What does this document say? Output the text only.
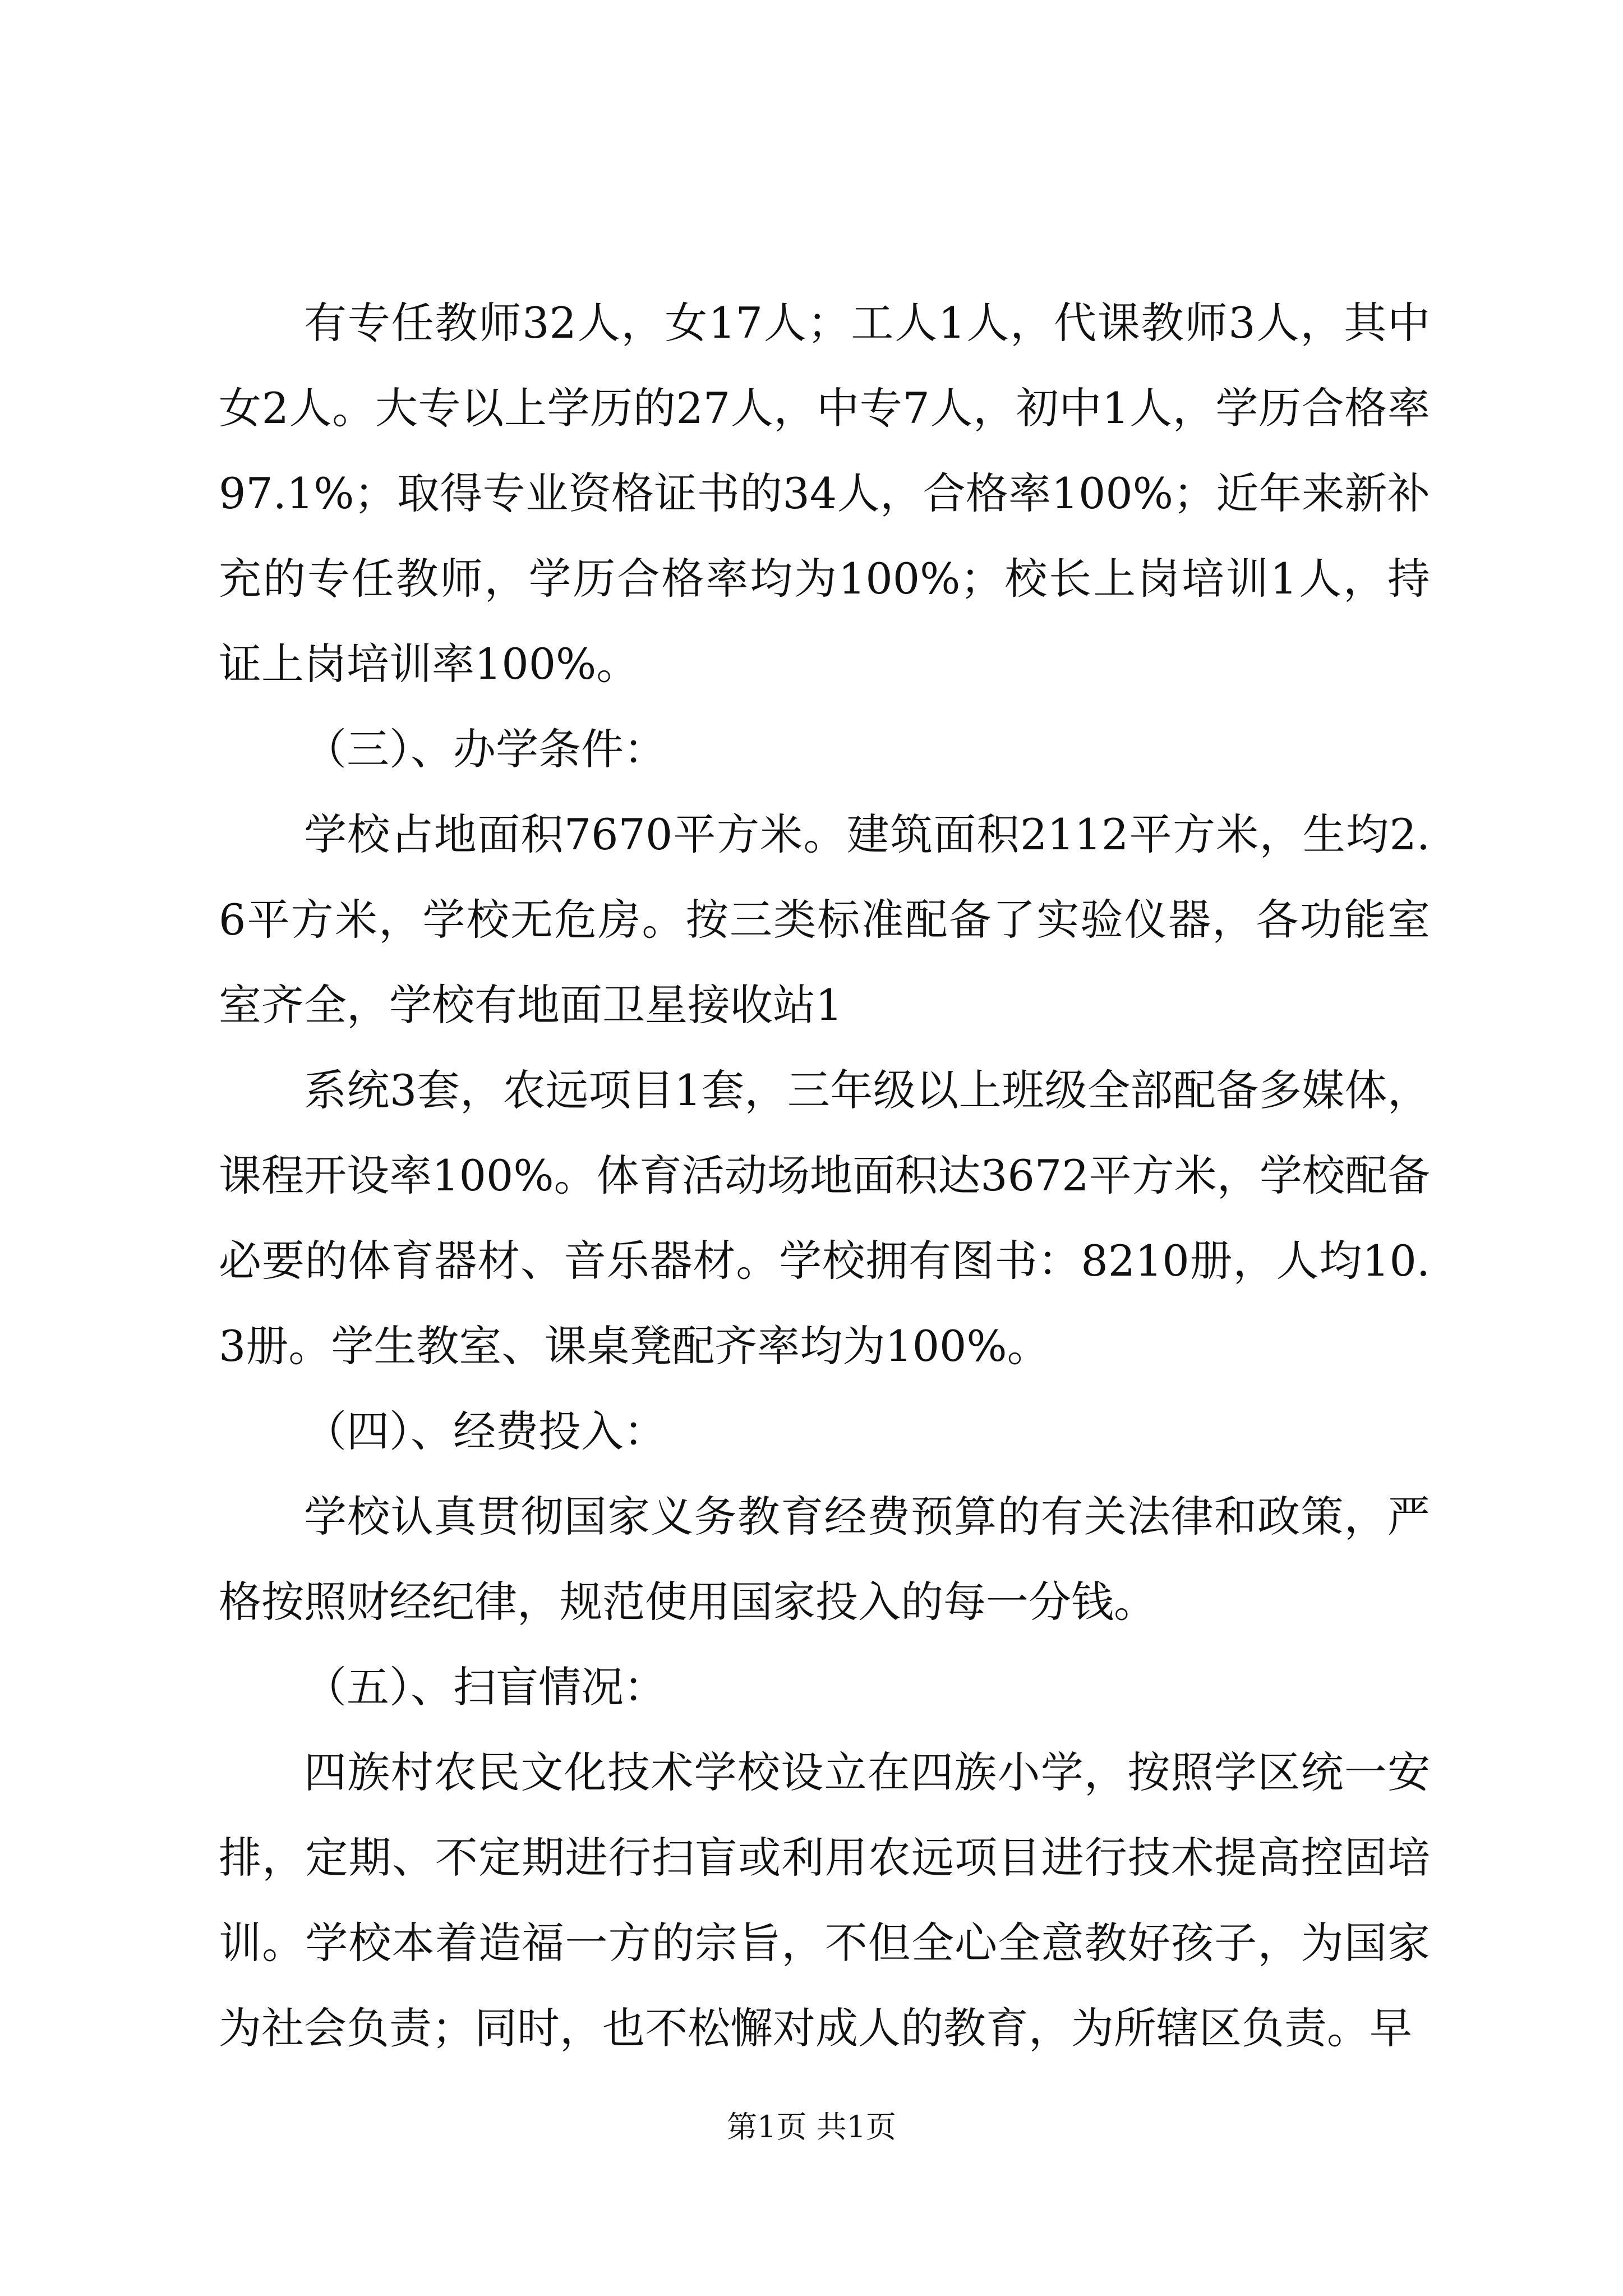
有专任教师32人，女17人；工人1人，代课教师3人，其中女2人。大专以上学历的27人，中专7人，初中1人，学历合格率97.1%；取得专业资格证书的34人，合格率100%；近年来新补充的专任教师，学历合格率均为100%；校长上岗培训1人，持证上岗培训率100%。

（三）、办学条件：

学校占地面积7670平方米。建筑面积2112平方米，生均2.6平方米，学校无危房。按三类标准配备了实验仪器，各功能室室齐全，学校有地面卫星接收站1

系统3套，农远项目1套，三年级以上班级全部配备多媒体，课程开设率100%。体育活动场地面积达3672平方米，学校配备必要的体育器材、音乐器材。学校拥有图书：8210册，人均10.3册。学生教室、课桌凳配齐率均为100%。

（四）、经费投入：

学校认真贯彻国家义务教育经费预算的有关法律和政策，严格按照财经纪律，规范使用国家投入的每一分钱。

（五）、扫盲情况：

四族村农民文化技术学校设立在四族小学，按照学区统一安排，定期、不定期进行扫盲或利用农远项目进行技术提高控固培训。学校本着造福一方的宗旨，不但全心全意教好孩子，为国家为社会负责；同时，也不松懈对成人的教育，为所辖区负责。早

第1页 共1页
